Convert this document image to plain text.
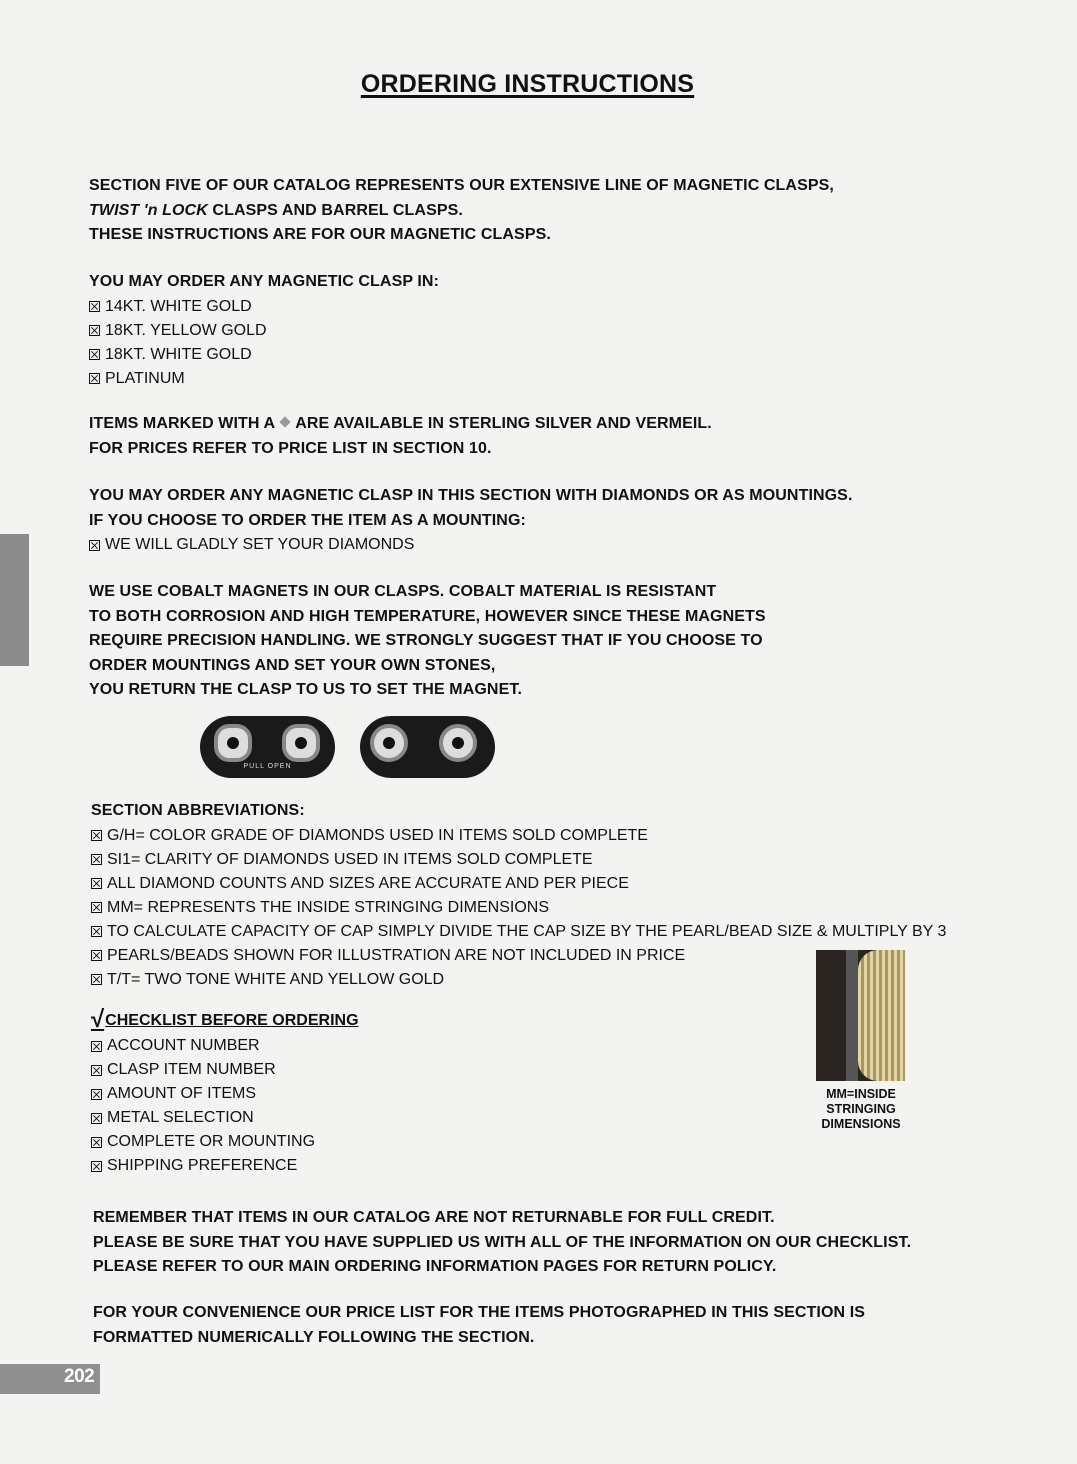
ORDERING INSTRUCTIONS
SECTION FIVE OF OUR CATALOG REPRESENTS OUR EXTENSIVE LINE OF MAGNETIC CLASPS,
TWIST 'n LOCK CLASPS AND BARREL CLASPS.
THESE INSTRUCTIONS ARE FOR OUR MAGNETIC CLASPS.
YOU MAY ORDER ANY MAGNETIC CLASP IN:
14KT. WHITE GOLD
18KT. YELLOW GOLD
18KT. WHITE GOLD
PLATINUM
ITEMS MARKED WITH A ARE AVAILABLE IN STERLING SILVER AND VERMEIL.
FOR PRICES REFER TO PRICE LIST IN SECTION 10.
YOU MAY ORDER ANY MAGNETIC CLASP IN THIS SECTION WITH DIAMONDS OR AS MOUNTINGS.
IF YOU CHOOSE TO ORDER THE ITEM AS A MOUNTING:
WE WILL GLADLY SET YOUR DIAMONDS
WE USE COBALT MAGNETS IN OUR CLASPS. COBALT MATERIAL IS RESISTANT
TO BOTH CORROSION AND HIGH TEMPERATURE, HOWEVER SINCE THESE MAGNETS
REQUIRE PRECISION HANDLING. WE STRONGLY SUGGEST THAT IF YOU CHOOSE TO
ORDER MOUNTINGS AND SET YOUR OWN STONES,
YOU RETURN THE CLASP TO US TO SET THE MAGNET.
PULL OPEN
SECTION ABBREVIATIONS:
G/H= COLOR GRADE OF DIAMONDS USED IN ITEMS SOLD COMPLETE
SI1= CLARITY OF DIAMONDS USED IN ITEMS SOLD COMPLETE
ALL DIAMOND COUNTS AND SIZES ARE ACCURATE AND PER PIECE
MM= REPRESENTS THE INSIDE STRINGING DIMENSIONS
TO CALCULATE CAPACITY OF CAP SIMPLY DIVIDE THE CAP SIZE BY THE PEARL/BEAD SIZE & MULTIPLY BY 3
PEARLS/BEADS SHOWN FOR ILLUSTRATION ARE NOT INCLUDED IN PRICE
T/T= TWO TONE WHITE AND YELLOW GOLD
√ CHECKLIST BEFORE ORDERING
ACCOUNT NUMBER
CLASP ITEM NUMBER
AMOUNT OF ITEMS
METAL SELECTION
COMPLETE OR MOUNTING
SHIPPING PREFERENCE
MM=INSIDE
STRINGING
DIMENSIONS
REMEMBER THAT ITEMS IN OUR CATALOG ARE NOT RETURNABLE FOR FULL CREDIT.
PLEASE BE SURE THAT YOU HAVE SUPPLIED US WITH ALL OF THE INFORMATION ON OUR CHECKLIST.
PLEASE REFER TO OUR MAIN ORDERING INFORMATION PAGES FOR RETURN POLICY.
FOR YOUR CONVENIENCE OUR PRICE LIST FOR THE ITEMS PHOTOGRAPHED IN THIS SECTION IS
FORMATTED NUMERICALLY FOLLOWING THE SECTION.
202
